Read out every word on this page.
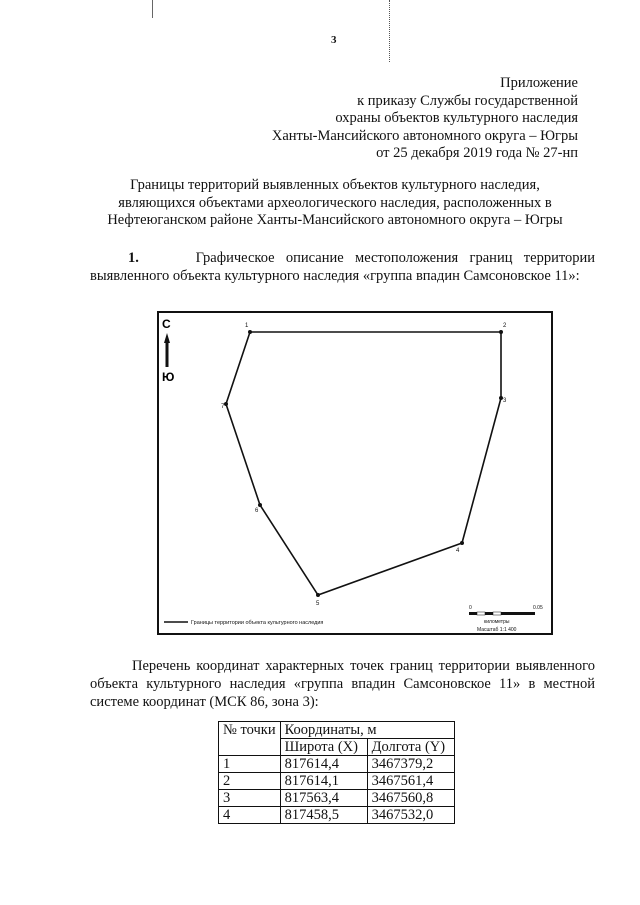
3
Приложение
к приказу Службы государственной
охраны объектов культурного наследия
Ханты-Мансийского автономного округа – Югры
от 25 декабря 2019 года № 27-нп
Границы территорий выявленных объектов культурного наследия,
являющихся объектами археологического наследия, расположенных в
Нефтеюганском районе Ханты-Мансийского автономного округа – Югры
1.	Графическое описание местоположения границ территории выявленного объекта культурного наследия «группа впадин Самсоновское 11»:
С
Ю
1	2
3
4
5
6
7
Границы территории объекта культурного наследия
0	0.05
километры
Масштаб 1:1 400
Перечень координат характерных точек границ территории выявленного объекта культурного наследия «группа впадин Самсоновское 11» в местной системе координат (МСК 86, зона 3):
№ точки	Координаты, м	
	Широта (X)	Долгота (Y)
1	817614,4	3467379,2
2	817614,1	3467561,4
3	817563,4	3467560,8
4	817458,5	3467532,0
